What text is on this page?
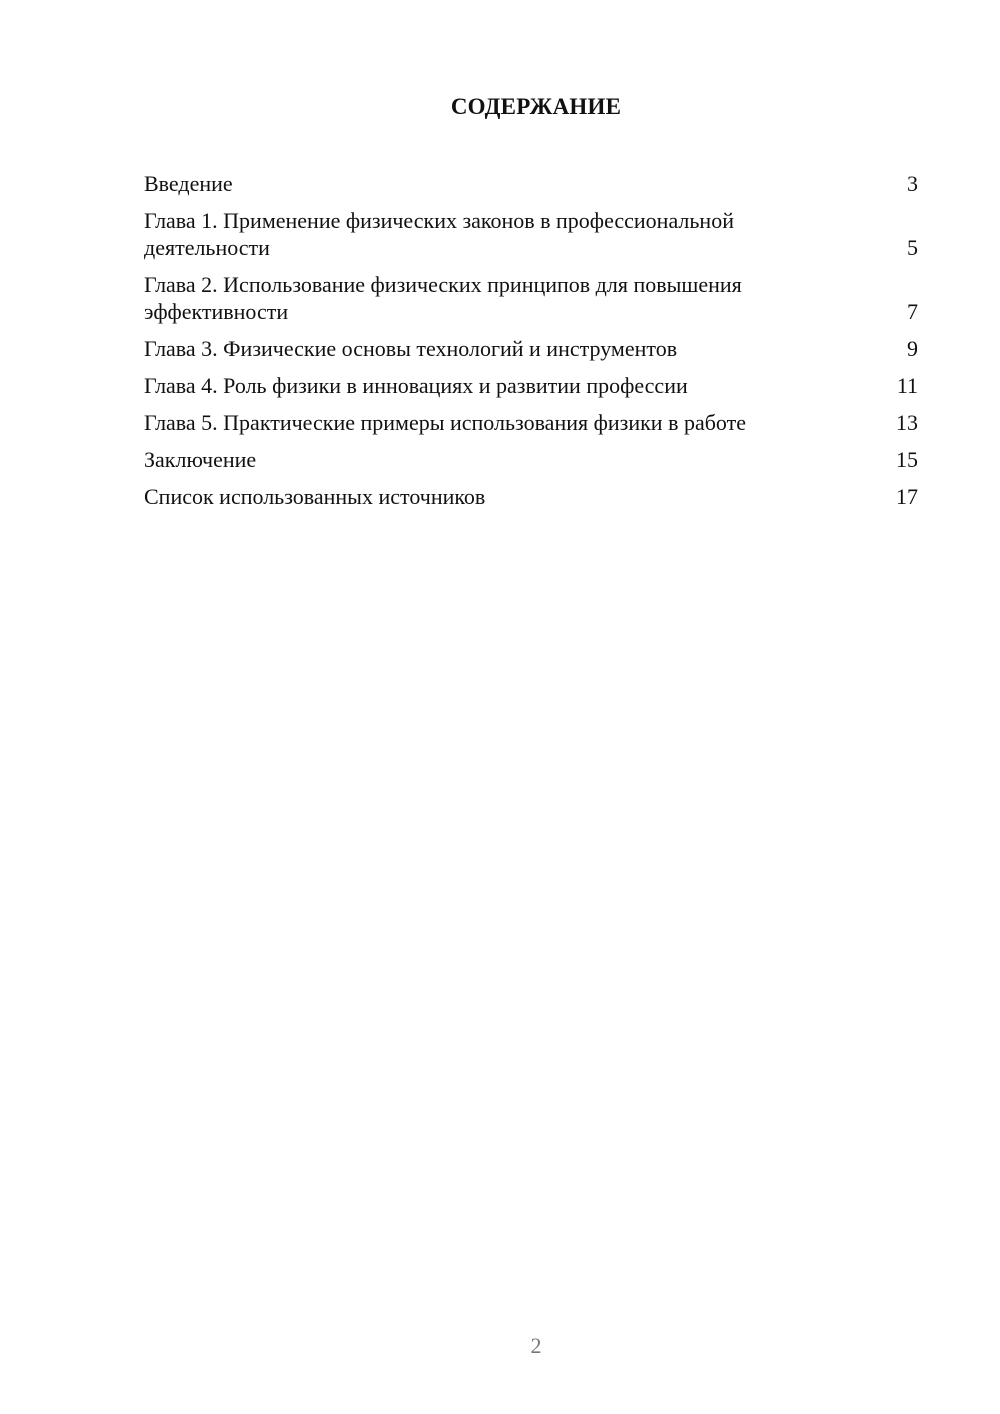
СОДЕРЖАНИЕ
Введение	3
Глава 1. Применение физических законов в профессиональной деятельности	5
Глава 2. Использование физических принципов для повышения эффективности	7
Глава 3. Физические основы технологий и инструментов	9
Глава 4. Роль физики в инновациях и развитии профессии	11
Глава 5. Практические примеры использования физики в работе	13
Заключение	15
Список использованных источников	17
2
